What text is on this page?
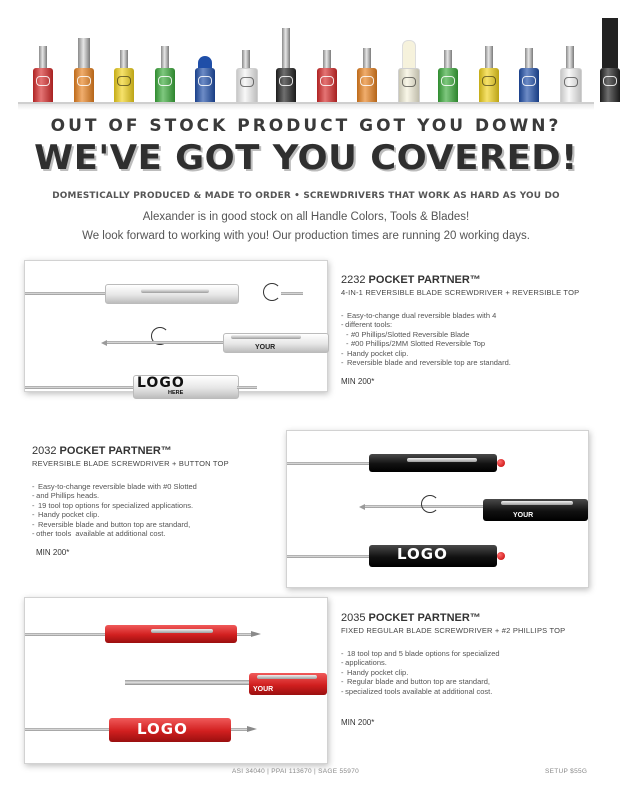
OUT OF STOCK PRODUCT GOT YOU DOWN?
WE'VE GOT YOU COVERED!
DOMESTICALLY PRODUCED & MADE TO ORDER • SCREWDRIVERS THAT WORK AS HARD AS YOU DO
Alexander is in good stock on all Handle Colors, Tools & Blades!
We look forward to working with you! Our production times are running 20 working days.
YOUR
LOGO
HERE
2232 POCKET PARTNER™
4-IN-1 REVERSIBLE BLADE SCREWDRIVER + REVERSIBLE TOP
- Easy-to-change dual reversible blades with 4
-   different tools:
- #0 Phillips/Slotted Reversible Blade
- #00 Phillips/2MM Slotted Reversible Top
- Handy pocket clip.
- Reversible blade and reversible top are standard.
MIN 200*
2032 POCKET PARTNER™
REVERSIBLE BLADE SCREWDRIVER + BUTTON TOP
- Easy-to-change reversible blade with #0 Slotted
-   and Phillips heads.
- 19 tool top options for specialized applications.
- Handy pocket clip.
- Reversible blade and button top are standard,
-   other tools  available at additional cost.
MIN 200*
YOUR
LOGO
YOUR
LOGO
2035 POCKET PARTNER™
FIXED REGULAR BLADE SCREWDRIVER + #2 PHILLIPS TOP
- 18 tool top and 5 blade options for specialized
-   applications.
- Handy pocket clip.
- Regular blade and button top are standard,
-   specialized tools available at additional cost.
MIN 200*
ASI 34040 | PPAI 113670 | SAGE 55970	SETUP $55G
